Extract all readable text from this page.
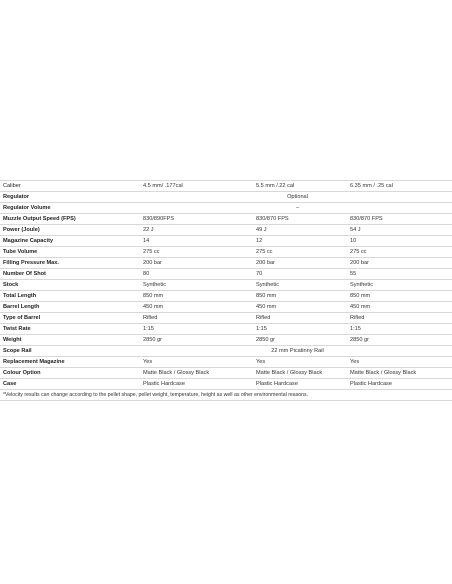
Caliber	4.5 mm/ .177cal	5.5 mm /.22 cal	6.35 mm / .25 cal
Regulator	Optional		
Regulator Volume	–		
Muzzle Output Speed (FPS)	830/890FPS	830/870 FPS	830/870 FPS
Power (Joule)	22 J	49 J	54 J
Magazine Capacity	14	12	10
Tube Volume	275 cc	275 cc	275 cc
Filling Pressure Max.	200 bar	200 bar	200 bar
Number Of Shot	80	70	55
Stock	Synthetic	Synthetic	Synthetic
Total Length	850 mm	850 mm	850 mm
Barrel Length	450 mm	450 mm	450 mm
Type of Barrel	Rifled	Rifled	Rifled
Twist Rate	1:15	1:15	1:15
Weight	2850 gr	2850 gr	2850 gr
Scope Rail	22 mm Picatinny Rail		
Replacement Magazine	Yes	Yes	Yes
Colour Option	Matte Black / Glossy Black	Matte Black / Glossy Black	Matte Black / Glossy Black
Case	Plastic Hardcase	Plastic Hardcase	Plastic Hardcase
*Velocity results can change according to the pellet shape, pellet weight, temperature, height as well as other environmental reasons.
